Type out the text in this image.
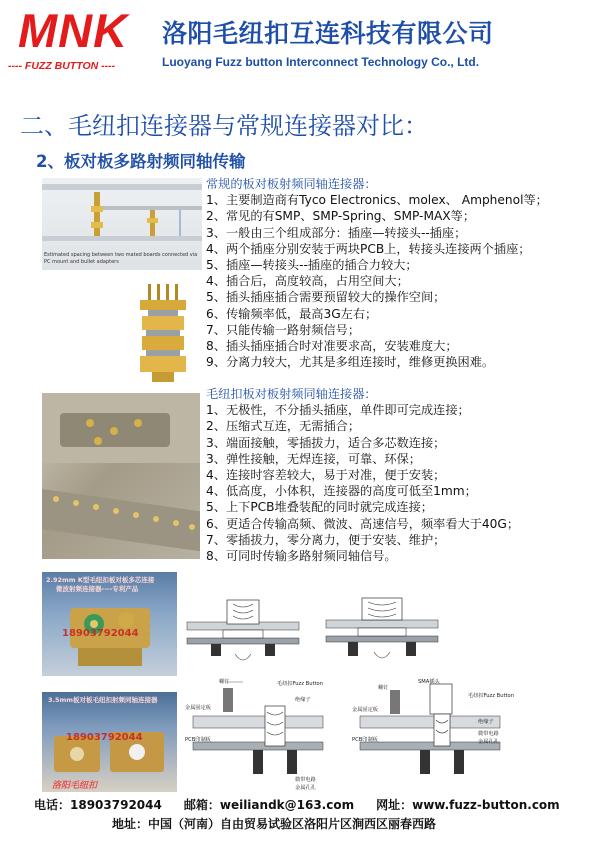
MNK
---- FUZZ BUTTON ----
洛阳毛纽扣互连科技有限公司
Luoyang Fuzz button Interconnect Technology Co., Ltd.
二、毛纽扣连接器与常规连接器对比：
2、板对板多路射频同轴传输
Estimated spacing between two mated boards connected via
PC mount and bullet adapters
常规的板对板射频同轴连接器：
1、主要制造商有Tyco Electronics、molex、 Amphenol等；
2、常见的有SMP、SMP-Spring、SMP-MAX等；
3、一般由三个组成部分：插座—转接头--插座；
4、两个插座分别安装于两块PCB上，转接头连接两个插座；
5、插座—转接头--插座的插合力较大；
4、插合后，高度较高，占用空间大；
5、插头插座插合需要预留较大的操作空间；
6、传输频率低，最高3G左右；
7、只能传输一路射频信号；
8、插头插座插合时对准要求高，安装难度大；
9、分离力较大，尤其是多组连接时，维修更换困难。
毛纽扣板对板射频同轴连接器：
1、无极性，不分插头插座，单件即可完成连接；
2、压缩式互连，无需插合；
3、端面接触，零插拔力，适合多芯数连接；
3、弹性接触，无焊连接，可靠、环保；
4、连接时容差较大，易于对准，便于安装；
4、低高度，小体积，连接器的高度可低至1mm；
5、上下PCB堆叠装配的同时就完成连接；
6、更适合传输高频、微波、高速信号，频率看大于40G；
7、零插拔力，零分离力，便于安装、维护；
8、可同时传输多路射频同轴信号。
2.92mm K型毛纽扣板对板多芯连接
微波射频连接器----专利产品
18903792044
3.5mm板对板毛纽扣射频同轴连接器
18903792044
洛阳毛纽扣
螺钉	毛纽扣Fuzz Button
金属固定板
绝缘子
PCB印制板
微带电路
金属孔孔
SMA插头
毛纽扣Fuzz Button
螺钉
金属固定板
绝缘子
PCB印制板
微带电路
金属孔孔
电话：18903792044 邮箱：weiliandk@163.com 网址：www.fuzz-button.com
地址：中国（河南）自由贸易试验区洛阳片区涧西区丽春西路
